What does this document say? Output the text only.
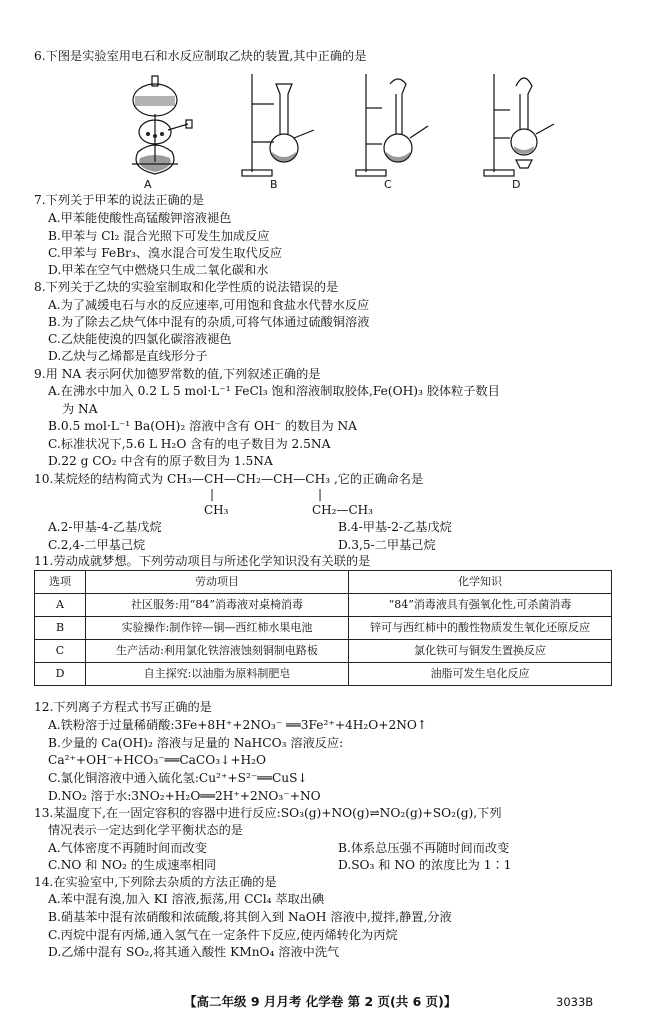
6.下图是实验室用电石和水反应制取乙炔的装置,其中正确的是
A	B	C	D
7.下列关于甲苯的说法正确的是
A.甲苯能使酸性高锰酸钾溶液褪色
B.甲苯与 Cl₂ 混合光照下可发生加成反应
C.甲苯与 FeBr₃、溴水混合可发生取代反应
D.甲苯在空气中燃烧只生成二氧化碳和水
8.下列关于乙炔的实验室制取和化学性质的说法错误的是
A.为了减缓电石与水的反应速率,可用饱和食盐水代替水反应
B.为了除去乙炔气体中混有的杂质,可将气体通过硫酸铜溶液
C.乙炔能使溴的四氯化碳溶液褪色
D.乙炔与乙烯都是直线形分子
9.用 NA 表示阿伏加德罗常数的值,下列叙述正确的是
A.在沸水中加入 0.2 L 5 mol·L⁻¹ FeCl₃ 饱和溶液制取胶体,Fe(OH)₃ 胶体粒子数目
为 NA
B.0.5 mol·L⁻¹ Ba(OH)₂ 溶液中含有 OH⁻ 的数目为 NA
C.标准状况下,5.6 L H₂O 含有的电子数目为 2.5NA
D.22 g CO₂ 中含有的原子数目为 1.5NA
10.某烷烃的结构简式为 CH₃—CH—CH₂—CH—CH₃ ,它的正确命名是
|	|
CH₃	CH₂—CH₃
A.2-甲基-4-乙基戊烷	B.4-甲基-2-乙基戊烷
C.2,4-二甲基己烷	D.3,5-二甲基己烷
11.劳动成就梦想。下列劳动项目与所述化学知识没有关联的是
选项	劳动项目	化学知识
A	社区服务:用“84”消毒液对桌椅消毒	“84”消毒液具有强氧化性,可杀菌消毒
B	实验操作:制作锌—铜—西红柿水果电池	锌可与西红柿中的酸性物质发生氧化还原反应
C	生产活动:利用氯化铁溶液蚀刻铜制电路板	氯化铁可与铜发生置换反应
D	自主探究:以油脂为原料制肥皂	油脂可发生皂化反应
12.下列离子方程式书写正确的是
A.铁粉溶于过量稀硝酸:3Fe+8H⁺+2NO₃⁻ ══3Fe²⁺+4H₂O+2NO↑
B.少量的 Ca(OH)₂ 溶液与足量的 NaHCO₃ 溶液反应:
Ca²⁺+OH⁻+HCO₃⁻══CaCO₃↓+H₂O
C.氯化铜溶液中通入硫化氢:Cu²⁺+S²⁻══CuS↓
D.NO₂ 溶于水:3NO₂+H₂O══2H⁺+2NO₃⁻+NO
13.某温度下,在一固定容积的容器中进行反应:SO₃(g)+NO(g)⇌NO₂(g)+SO₂(g),下列
情况表示一定达到化学平衡状态的是
A.气体密度不再随时间而改变	B.体系总压强不再随时间而改变
C.NO 和 NO₂ 的生成速率相同	D.SO₃ 和 NO 的浓度比为 1∶1
14.在实验室中,下列除去杂质的方法正确的是
A.苯中混有溴,加入 KI 溶液,振荡,用 CCl₄ 萃取出碘
B.硝基苯中混有浓硝酸和浓硫酸,将其倒入到 NaOH 溶液中,搅拌,静置,分液
C.丙烷中混有丙烯,通入氢气在一定条件下反应,使丙烯转化为丙烷
D.乙烯中混有 SO₂,将其通入酸性 KMnO₄ 溶液中洗气
【高二年级 9 月月考 化学卷 第 2 页(共 6 页)】	3033B
